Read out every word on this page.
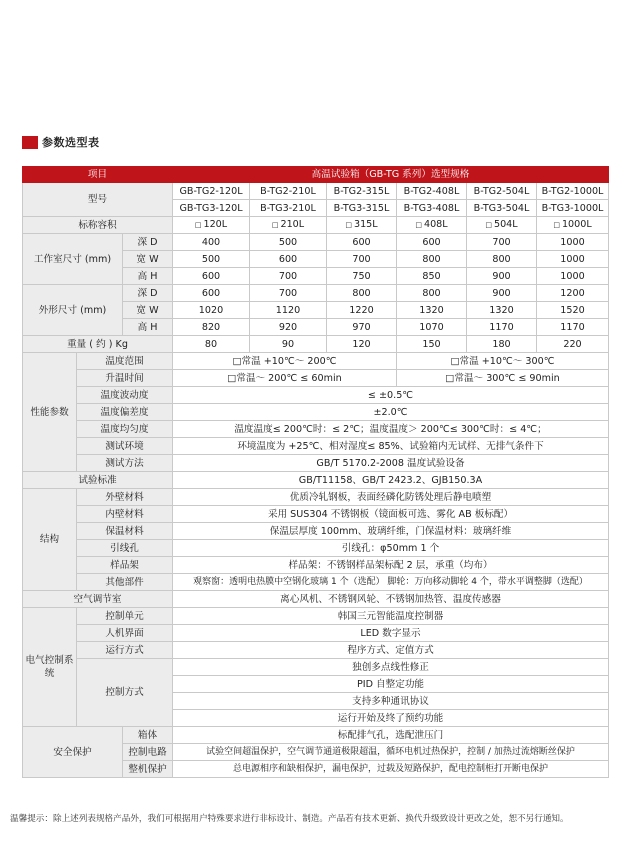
参数选型表
项目			高温试验箱（GB-TG 系列）选型规格					
型号			GB-TG2-120L	B-TG2-210L	B-TG2-315L	B-TG2-408L	B-TG2-504L	B-TG2-1000L
			GB-TG3-120L	B-TG3-210L	B-TG3-315L	B-TG3-408L	B-TG3-504L	B-TG3-1000L
标称容积			□ 120L	□ 210L	□ 315L	□ 408L	□ 504L	□ 1000L
工作室尺寸 (mm)		深 D	400	500	600	600	700	1000
		宽 W	500	600	700	800	800	1000
		高 H	600	700	750	850	900	1000
外形尺寸 (mm)		深 D	600	700	800	800	900	1200
		宽 W	1020	1120	1220	1320	1320	1520
		高 H	820	920	970	1070	1170	1170
重量 ( 约 ) Kg			80	90	120	150	180	220
性能参数	温度范围		□常温 +10℃～ 200℃			□常温 +10℃～ 300℃		
	升温时间		□常温～ 200℃ ≤ 60min			□常温～ 300℃ ≤ 90min		
	温度波动度		≤ ±0.5℃					
	温度偏差度		±2.0℃					
	温度均匀度		温度温度≤ 200℃时：≤ 2℃；温度温度＞ 200℃≤ 300℃时：≤ 4℃；					
	测试环境		环境温度为 +25℃、相对湿度≤ 85%、试验箱内无试样、无排气条件下					
	测试方法		GB/T 5170.2-2008 温度试验设备					
试验标准			GB/T11158、GB/T 2423.2、GJB150.3A					
结构	外壁材料		优质冷轧钢板，表面经磷化防锈处理后静电喷塑					
	内壁材料		采用 SUS304 不锈钢板（镜面板可选、雾化 AB 板标配）					
	保温材料		保温层厚度 100mm、玻璃纤维，门保温材料：玻璃纤维					
	引线孔		引线孔：φ50mm 1 个					
	样品架		样品架：不锈钢样品架标配 2 层，承重（均布）					
	其他部件		观察窗：透明电热膜中空钢化玻璃 1 个（选配） 脚轮：万向移动脚轮 4 个，带水平调整脚（选配）					
空气调节室			离心风机、不锈钢风轮、不锈钢加热管、温度传感器					
电气控制系统	控制单元		韩国三元智能温度控制器					
	人机界面		LED 数字显示					
	运行方式		程序方式、定值方式					
	控制方式		独创多点线性修正					
			PID 自整定功能					
			支持多种通讯协议					
			运行开始及终了预约功能					
安全保护		箱体	标配排气孔，选配泄压门					
		控制电路	试验空间超温保护，空气调节通道极限超温，循环电机过热保护，控制 / 加热过流熔断丝保护					
		整机保护	总电源相序和缺相保护，漏电保护，过载及短路保护，配电控制柜打开断电保护					
温馨提示：除上述列表规格产品外，我们可根据用户特殊要求进行非标设计、制造。产品若有技术更新、换代升级致设计更改之处，恕不另行通知。
